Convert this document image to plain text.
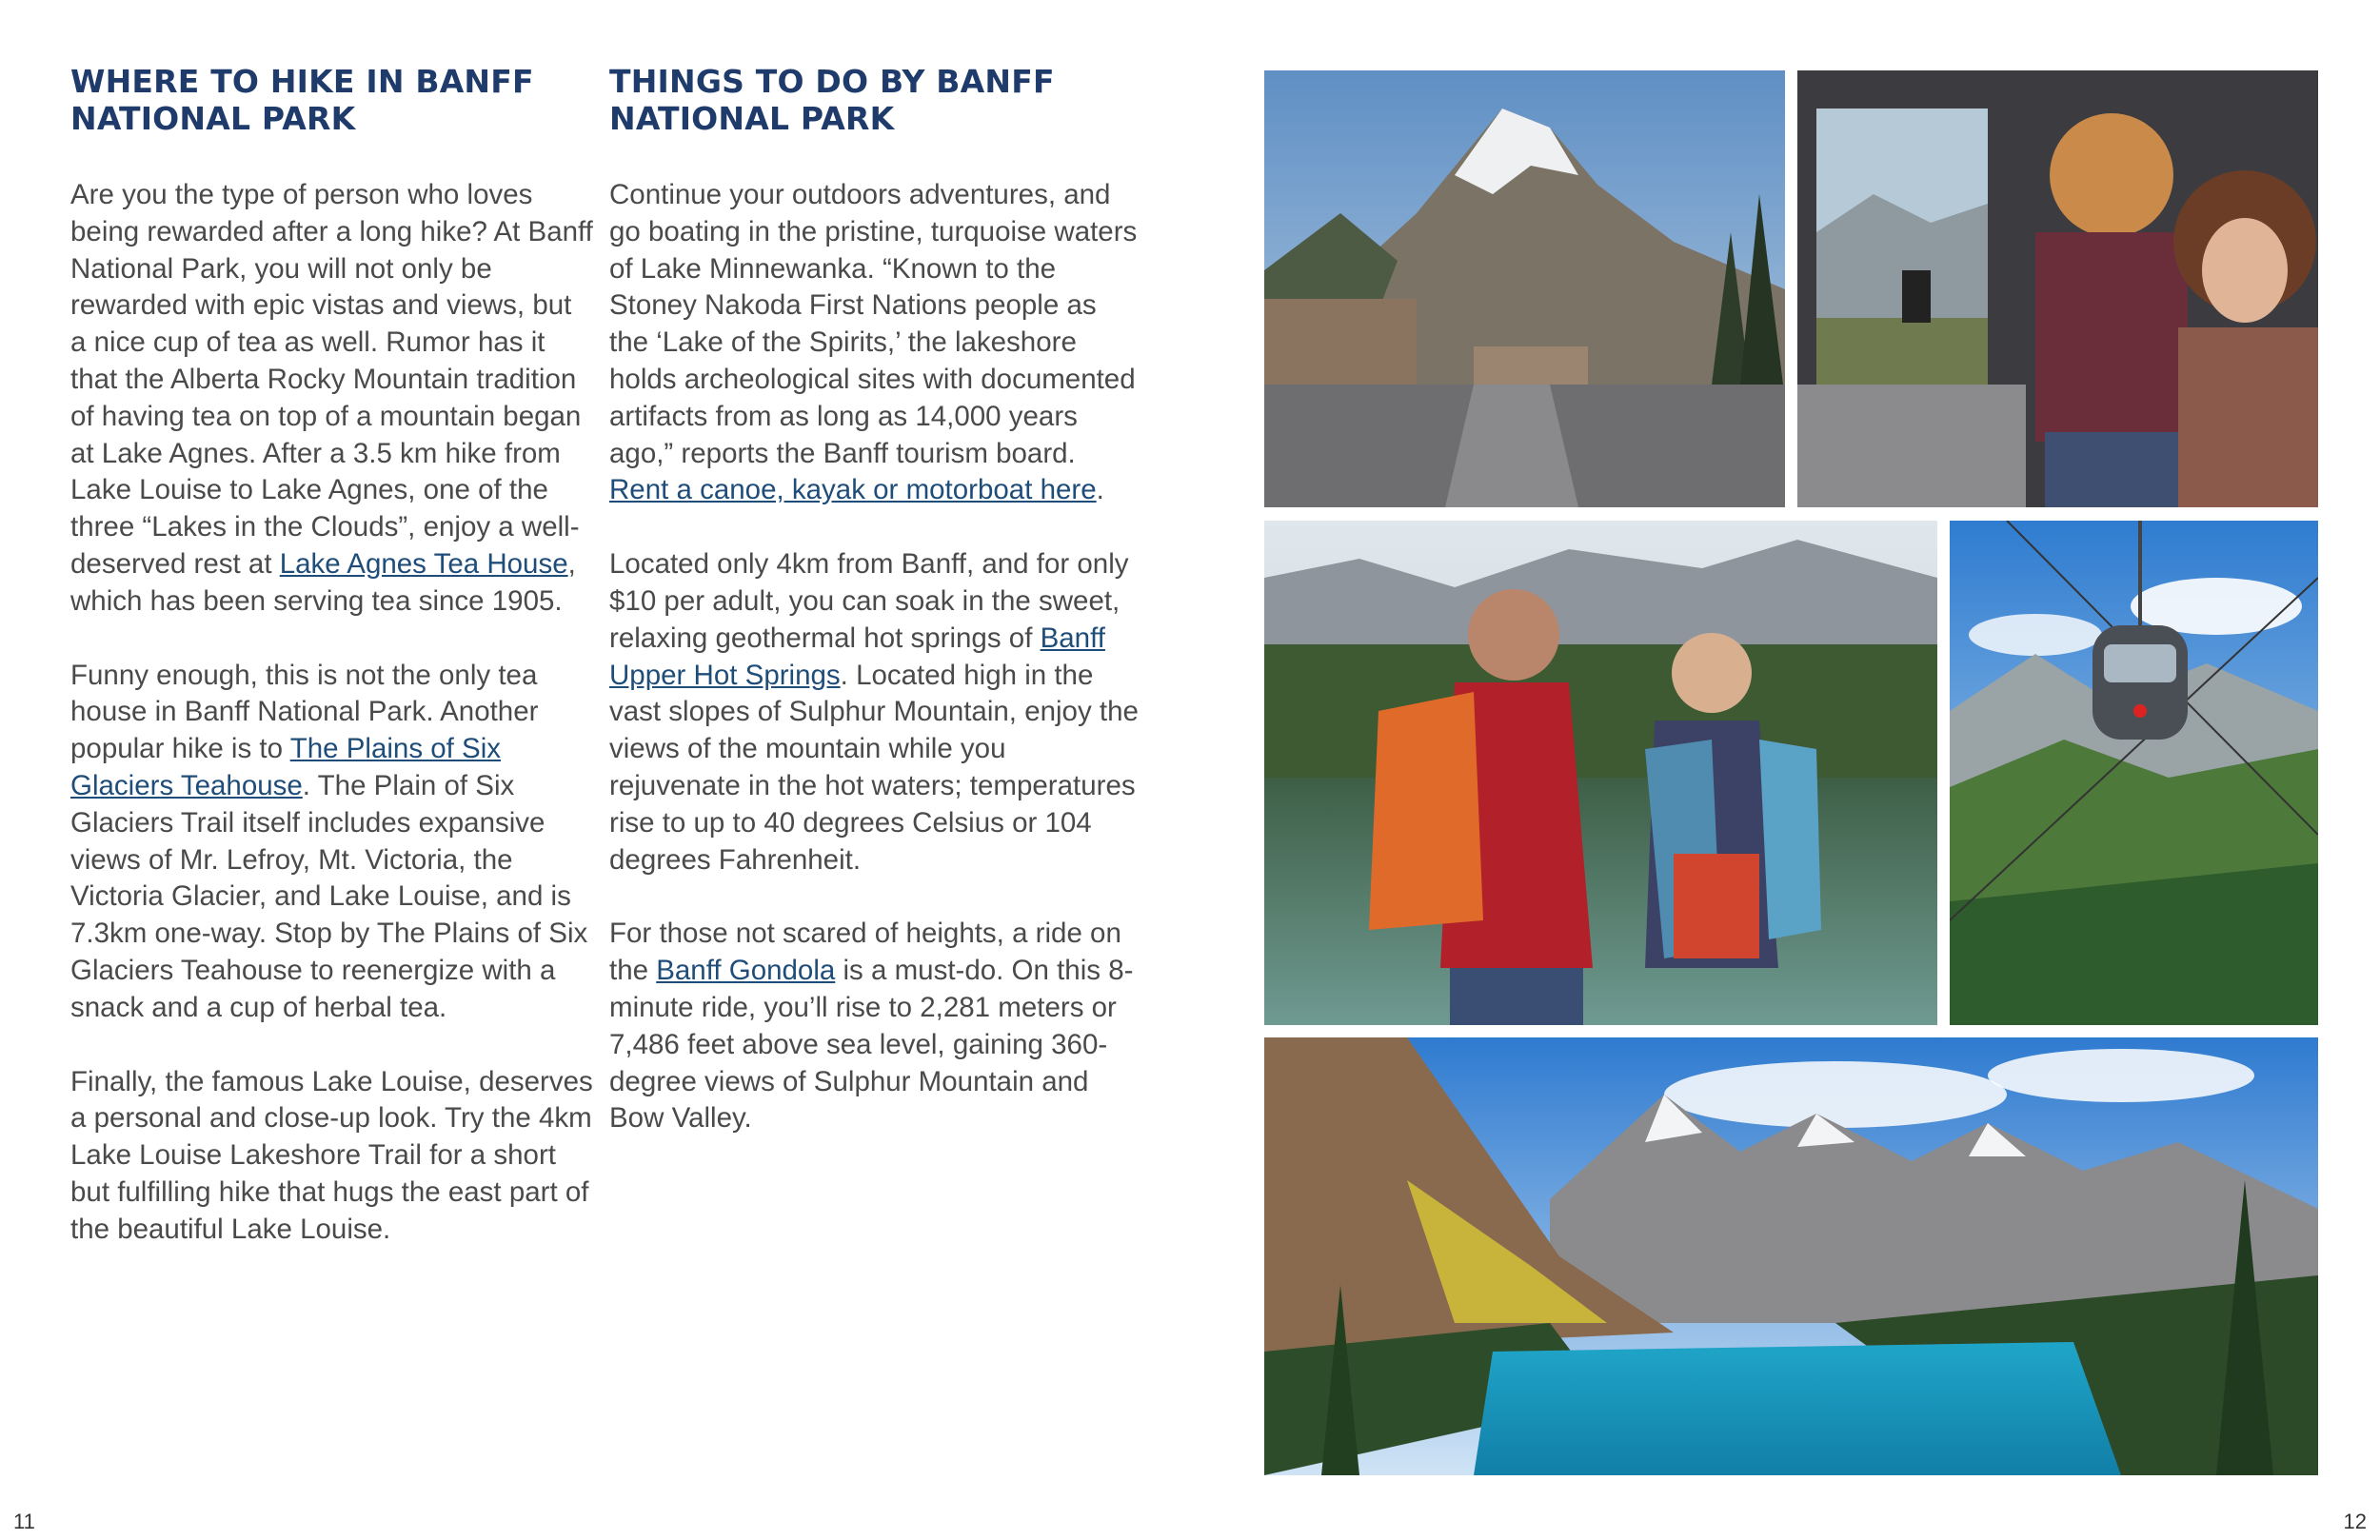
WHERE TO HIKE IN BANFF NATIONAL PARK

Are you the type of person who loves being rewarded after a long hike? At Banff National Park, you will not only be rewarded with epic vistas and views, but a nice cup of tea as well. Rumor has it that the Alberta Rocky Mountain tradition of having tea on top of a mountain began at Lake Agnes. After a 3.5 km hike from Lake Louise to Lake Agnes, one of the three “Lakes in the Clouds”, enjoy a well-deserved rest at Lake Agnes Tea House, which has been serving tea since 1905.

Funny enough, this is not the only tea house in Banff National Park. Another popular hike is to The Plains of Six Glaciers Teahouse. The Plain of Six Glaciers Trail itself includes expansive views of Mr. Lefroy, Mt. Victoria, the Victoria Glacier, and Lake Louise, and is 7.3km one-way. Stop by The Plains of Six Glaciers Teahouse to reenergize with a snack and a cup of herbal tea.

Finally, the famous Lake Louise, deserves a personal and close-up look. Try the 4km Lake Louise Lakeshore Trail for a short but fulfilling hike that hugs the east part of the beautiful Lake Louise.

THINGS TO DO BY BANFF NATIONAL PARK

Continue your outdoors adventures, and go boating in the pristine, turquoise waters of Lake Minnewanka. “Known to the Stoney Nakoda First Nations people as the ‘Lake of the Spirits,’ the lakeshore holds archeological sites with documented artifacts from as long as 14,000 years ago,” reports the Banff tourism board. Rent a canoe, kayak or motorboat here.

Located only 4km from Banff, and for only $10 per adult, you can soak in the sweet, relaxing geothermal hot springs of Banff Upper Hot Springs. Located high in the vast slopes of Sulphur Mountain, enjoy the views of the mountain while you rejuvenate in the hot waters; temperatures rise to up to 40 degrees Celsius or 104 degrees Fahrenheit.

For those not scared of heights, a ride on the Banff Gondola is a must-do. On this 8-minute ride, you’ll rise to 2,281 meters or 7,486 feet above sea level, gaining 360-degree views of Sulphur Mountain and Bow Valley.

11	12
